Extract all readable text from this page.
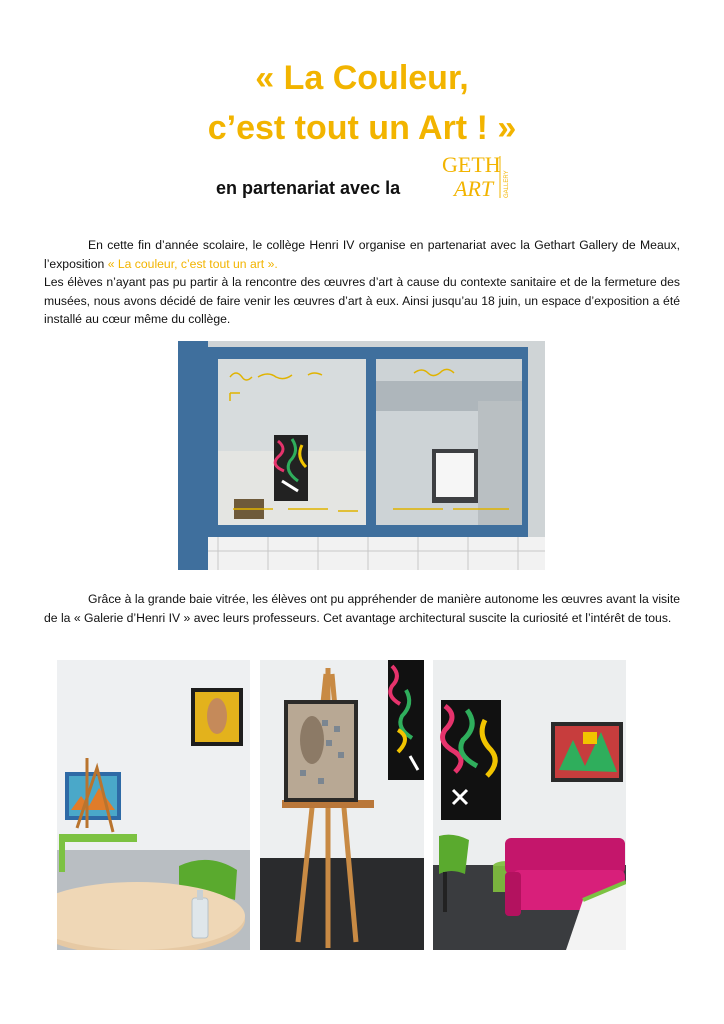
« La Couleur,
c’est tout un Art ! »
en partenariat avec la
GETH
ART GALLERY
En cette fin d’année scolaire, le collège Henri IV organise en partenariat avec la Gethart Gallery de Meaux, l’exposition « La couleur, c’est tout un art ».
Les élèves n’ayant pas pu partir à la rencontre des œuvres d’art à cause du contexte sanitaire et de la fermeture des musées, nous avons décidé de faire venir les œuvres d’art à eux. Ainsi jusqu’au 18 juin, un espace d’exposition a été installé au cœur même du collège.
Grâce à la grande baie vitrée, les élèves ont pu appréhender de manière autonome les œuvres avant la visite de la « Galerie d’Henri IV » avec leurs professeurs. Cet avantage architectural suscite la curiosité et l’intérêt de tous.
